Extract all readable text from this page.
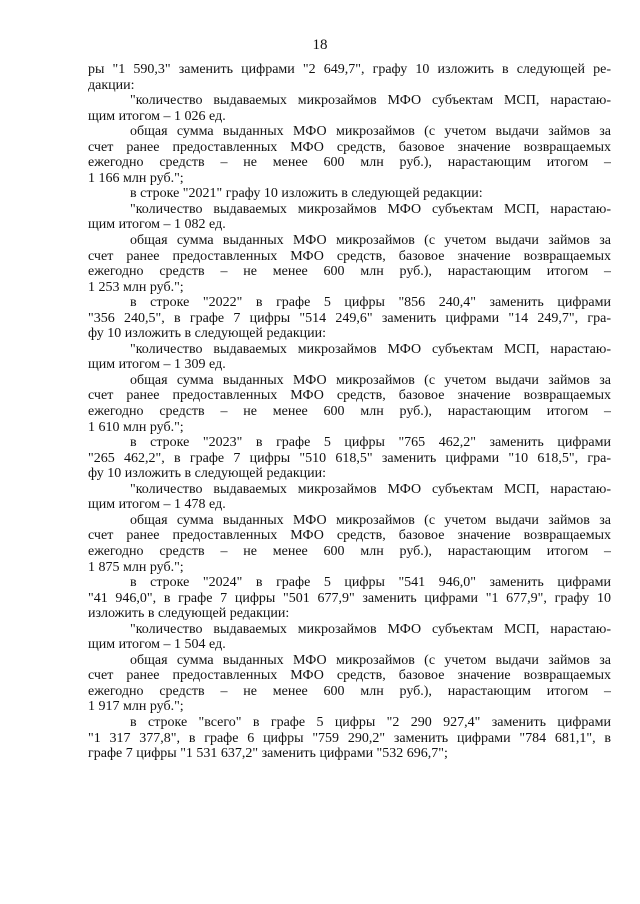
18
ры "1 590,3" заменить цифрами "2 649,7", графу 10 изложить в следующей ре-
дакции:
"количество выдаваемых микрозаймов МФО субъектам МСП, нарастаю-
щим итогом – 1 026 ед.
общая сумма выданных МФО микрозаймов (с учетом выдачи займов за
счет ранее предоставленных МФО средств, базовое значение возвращаемых
ежегодно средств – не менее 600 млн руб.), нарастающим итогом –
1 166 млн руб.";
в строке "2021" графу 10 изложить в следующей редакции:
"количество выдаваемых микрозаймов МФО субъектам МСП, нарастаю-
щим итогом – 1 082 ед.
общая сумма выданных МФО микрозаймов (с учетом выдачи займов за
счет ранее предоставленных МФО средств, базовое значение возвращаемых
ежегодно средств – не менее 600 млн руб.), нарастающим итогом –
1 253 млн руб.";
в строке "2022" в графе 5 цифры "856 240,4" заменить цифрами
"356 240,5", в графе 7 цифры "514 249,6" заменить цифрами "14 249,7", гра-
фу 10 изложить в следующей редакции:
"количество выдаваемых микрозаймов МФО субъектам МСП, нарастаю-
щим итогом – 1 309 ед.
общая сумма выданных МФО микрозаймов (с учетом выдачи займов за
счет ранее предоставленных МФО средств, базовое значение возвращаемых
ежегодно средств – не менее 600 млн руб.), нарастающим итогом –
1 610 млн руб.";
в строке "2023" в графе 5 цифры "765 462,2" заменить цифрами
"265 462,2", в графе 7 цифры "510 618,5" заменить цифрами "10 618,5", гра-
фу 10 изложить в следующей редакции:
"количество выдаваемых микрозаймов МФО субъектам МСП, нарастаю-
щим итогом – 1 478 ед.
общая сумма выданных МФО микрозаймов (с учетом выдачи займов за
счет ранее предоставленных МФО средств, базовое значение возвращаемых
ежегодно средств – не менее 600 млн руб.), нарастающим итогом –
1 875 млн руб.";
в строке "2024" в графе 5 цифры "541 946,0" заменить цифрами
"41 946,0", в графе 7 цифры "501 677,9" заменить цифрами "1 677,9", графу 10
изложить в следующей редакции:
"количество выдаваемых микрозаймов МФО субъектам МСП, нарастаю-
щим итогом – 1 504 ед.
общая сумма выданных МФО микрозаймов (с учетом выдачи займов за
счет ранее предоставленных МФО средств, базовое значение возвращаемых
ежегодно средств – не менее 600 млн руб.), нарастающим итогом –
1 917 млн руб.";
в строке "всего" в графе 5 цифры "2 290 927,4" заменить цифрами
"1 317 377,8", в графе 6 цифры "759 290,2" заменить цифрами "784 681,1", в
графе 7 цифры "1 531 637,2" заменить цифрами "532 696,7";
